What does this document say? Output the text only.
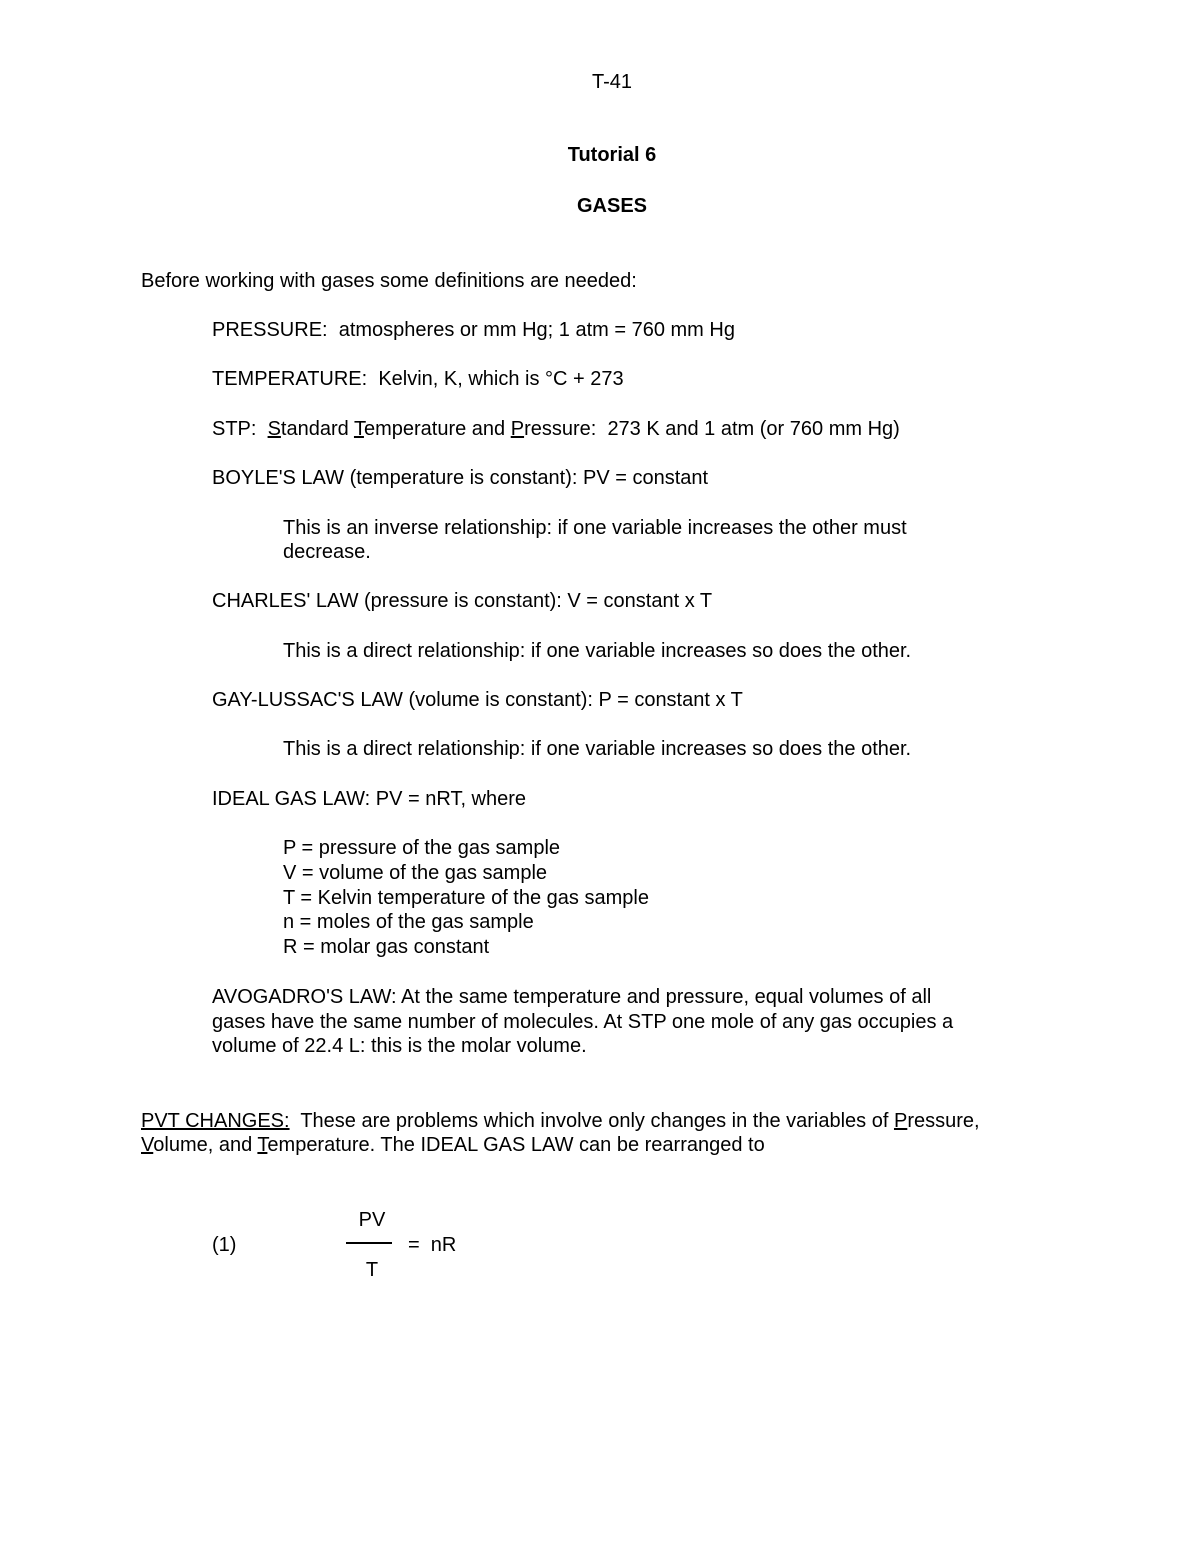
T-41
Tutorial 6
GASES
Before working with gases some definitions are needed:
PRESSURE: atmospheres or mm Hg; 1 atm = 760 mm Hg
TEMPERATURE: Kelvin, K, which is °C + 273
STP: Standard Temperature and Pressure: 273 K and 1 atm (or 760 mm Hg)
BOYLE'S LAW (temperature is constant): PV = constant
This is an inverse relationship: if one variable increases the other must
decrease.
CHARLES' LAW (pressure is constant): V = constant x T
This is a direct relationship: if one variable increases so does the other.
GAY-LUSSAC'S LAW (volume is constant): P = constant x T
This is a direct relationship: if one variable increases so does the other.
IDEAL GAS LAW: PV = nRT, where
P = pressure of the gas sample
V = volume of the gas sample
T = Kelvin temperature of the gas sample
n = moles of the gas sample
R = molar gas constant
AVOGADRO'S LAW: At the same temperature and pressure, equal volumes of all
gases have the same number of molecules. At STP one mole of any gas occupies a
volume of 22.4 L: this is the molar volume.
PVT CHANGES:  These are problems which involve only changes in the variables of Pressure,
Volume, and Temperature. The IDEAL GAS LAW can be rearranged to
(1)
PV
T
=  nR
